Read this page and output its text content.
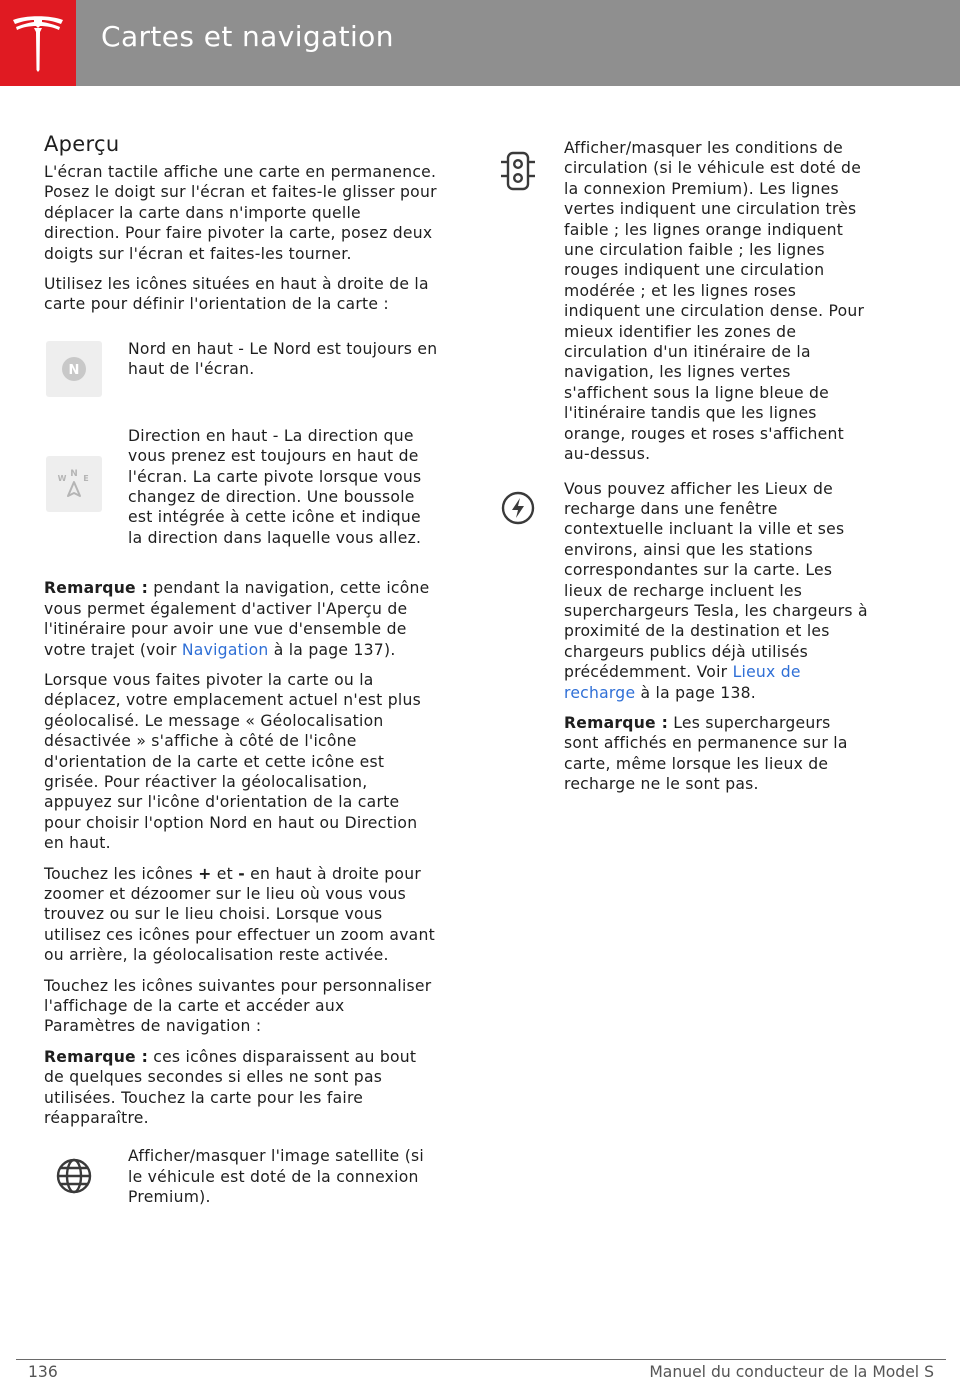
Cartes et navigation
Aperçu

L'écran tactile affiche une carte en permanence. Posez le doigt sur l'écran et faites-le glisser pour déplacer la carte dans n'importe quelle direction. Pour faire pivoter la carte, posez deux doigts sur l'écran et faites-les tourner.

Utilisez les icônes situées en haut à droite de la carte pour définir l'orientation de la carte :

N
Nord en haut - Le Nord est toujours en haut de l'écran.
N
W E
Direction en haut - La direction que vous prenez est toujours en haut de l'écran. La carte pivote lorsque vous changez de direction. Une boussole est intégrée à cette icône et indique la direction dans laquelle vous allez.

Remarque : pendant la navigation, cette icône vous permet également d'activer l'Aperçu de l'itinéraire pour avoir une vue d'ensemble de votre trajet (voir Navigation à la page 137).

Lorsque vous faites pivoter la carte ou la déplacez, votre emplacement actuel n'est plus géolocalisé. Le message « Géolocalisation désactivée » s'affiche à côté de l'icône d'orientation de la carte et cette icône est grisée. Pour réactiver la géolocalisation, appuyez sur l'icône d'orientation de la carte pour choisir l'option Nord en haut ou Direction en haut.

Touchez les icônes + et - en haut à droite pour zoomer et dézoomer sur le lieu où vous vous trouvez ou sur le lieu choisi. Lorsque vous utilisez ces icônes pour effectuer un zoom avant ou arrière, la géolocalisation reste activée.

Touchez les icônes suivantes pour personnaliser l'affichage de la carte et accéder aux Paramètres de navigation :

Remarque : ces icônes disparaissent au bout de quelques secondes si elles ne sont pas utilisées. Touchez la carte pour les faire réapparaître.

Afficher/masquer l'image satellite (si le véhicule est doté de la connexion Premium).
Afficher/masquer les conditions de circulation (si le véhicule est doté de la connexion Premium). Les lignes vertes indiquent une circulation très faible ; les lignes orange indiquent une circulation faible ; les lignes rouges indiquent une circulation modérée ; et les lignes roses indiquent une circulation dense. Pour mieux identifier les zones de circulation d'un itinéraire de la navigation, les lignes vertes s'affichent sous la ligne bleue de l'itinéraire tandis que les lignes orange, rouges et roses s'affichent au-dessus.
Vous pouvez afficher les Lieux de recharge dans une fenêtre contextuelle incluant la ville et ses environs, ainsi que les stations correspondantes sur la carte. Les lieux de recharge incluent les superchargeurs Tesla, les chargeurs à proximité de la destination et les chargeurs publics déjà utilisés précédemment. Voir Lieux de recharge à la page 138.

Remarque : Les superchargeurs sont affichés en permanence sur la carte, même lorsque les lieux de recharge ne le sont pas.

136	Manuel du conducteur de la Model S
